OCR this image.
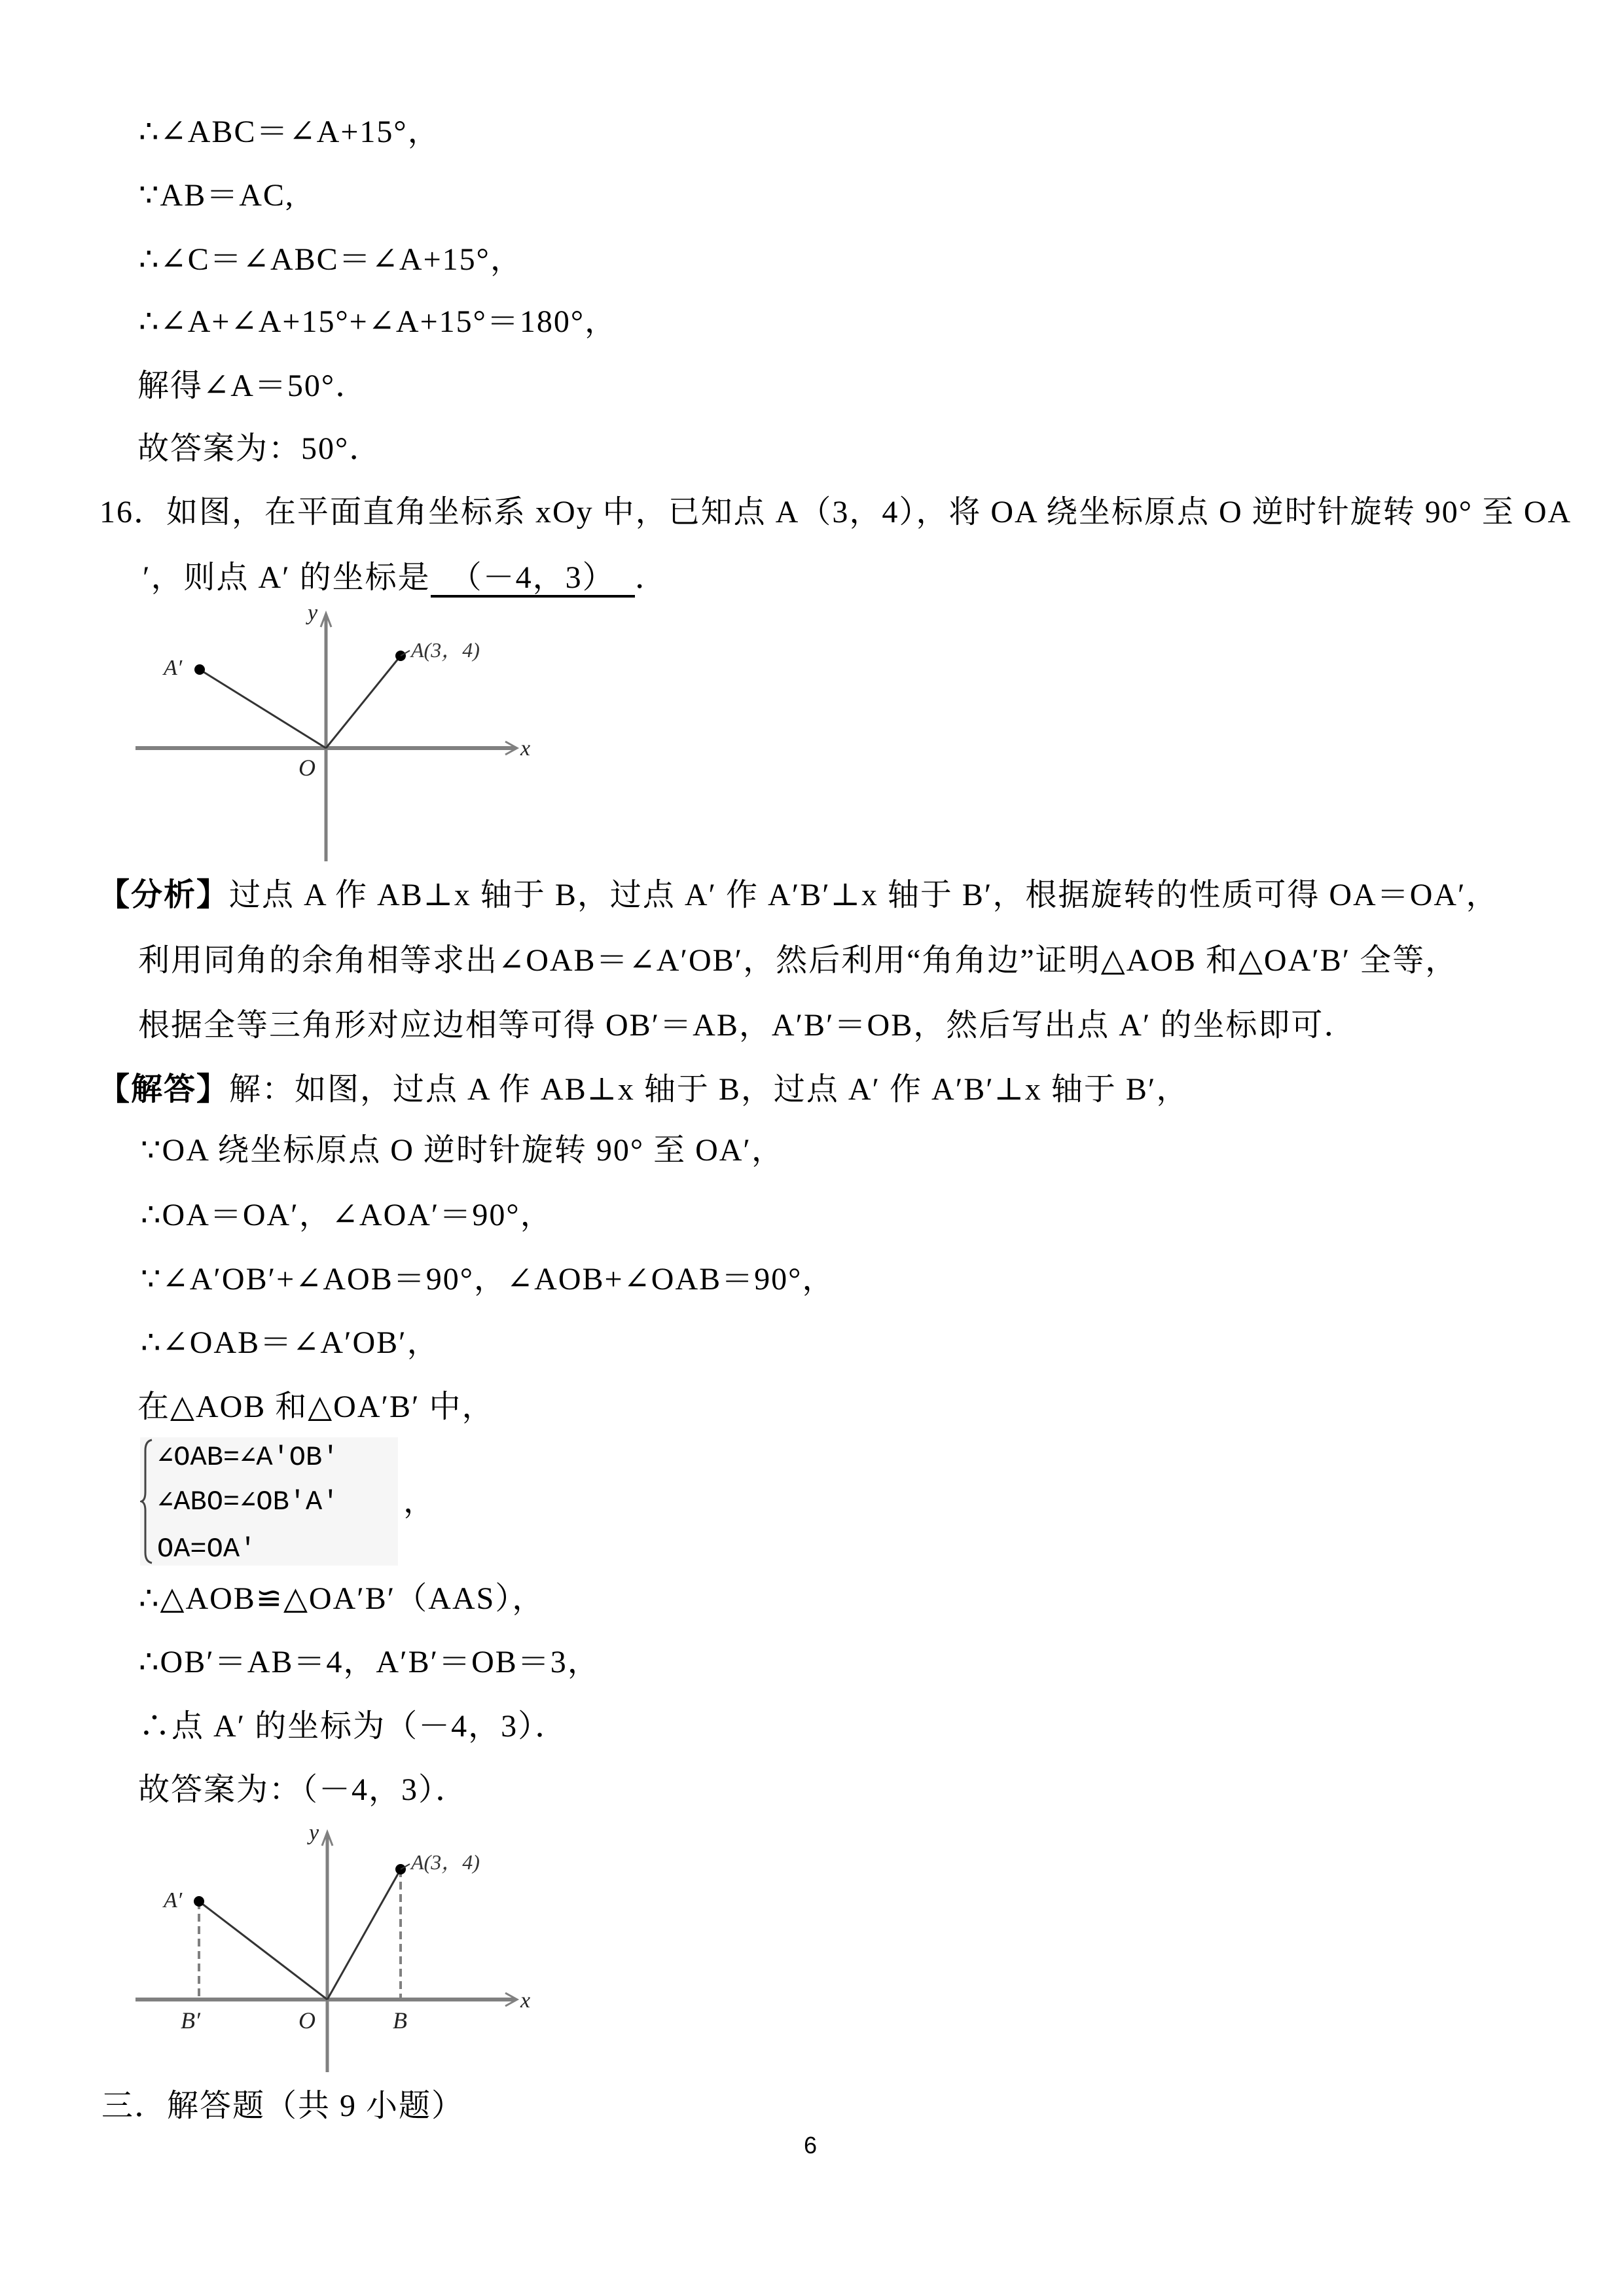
∴∠ABC＝∠A+15°，
∵AB＝AC,
∴∠C＝∠ABC＝∠A+15°，
∴∠A+∠A+15°+∠A+15°＝180°，
解得∠A＝50°．
故答案为：50°．
16．如图，在平面直角坐标系 xOy 中，已知点 A（3，4），将 OA 绕坐标原点 O 逆时针旋转 90° 至 OA
′，则点 A′ 的坐标是 （－4，3） ．
y
x
O
A(3，4)
A′
【分析】过点 A 作 AB⊥x 轴于 B，过点 A′ 作 A′B′⊥x 轴于 B′，根据旋转的性质可得 OA＝OA′，
利用同角的余角相等求出∠OAB＝∠A′OB′，然后利用“角角边”证明△AOB 和△OA′B′ 全等，
根据全等三角形对应边相等可得 OB′＝AB，A′B′＝OB，然后写出点 A′ 的坐标即可．
【解答】解：如图，过点 A 作 AB⊥x 轴于 B，过点 A′ 作 A′B′⊥x 轴于 B′，
∵OA 绕坐标原点 O 逆时针旋转 90° 至 OA′，
∴OA＝OA′，∠AOA′＝90°，
∵∠A′OB′+∠AOB＝90°，∠AOB+∠OAB＝90°，
∴∠OAB＝∠A′OB′，
在△AOB 和△OA′B′ 中，
∠OAB=∠A′OB′
∠ABO=∠OB′A′
OA=OA′
，
∴△AOB≌△OA′B′（AAS），
∴OB′＝AB＝4，A′B′＝OB＝3，
∴点 A′ 的坐标为（－4，3）．
故答案为：（－4，3）．
y
x
O
A(3，4)
A′
B
B′
三．解答题（共 9 小题）
6
